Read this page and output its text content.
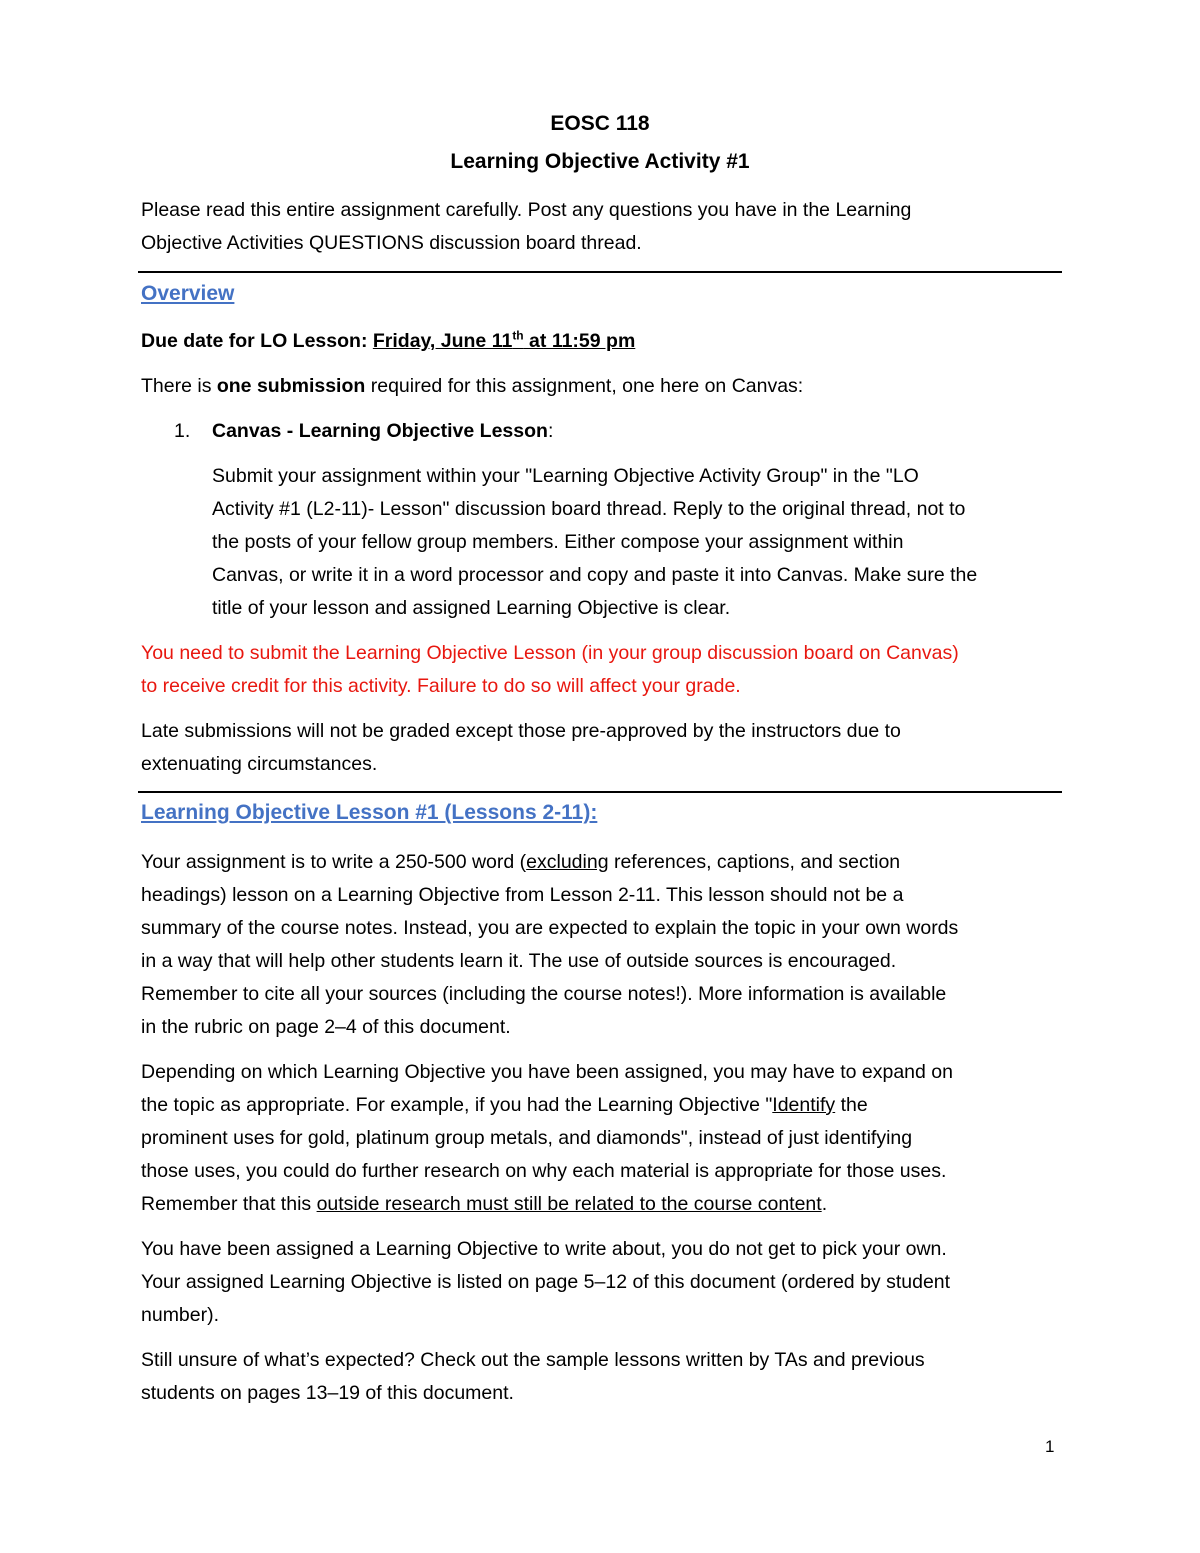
EOSC 118
Learning Objective Activity #1
Please read this entire assignment carefully. Post any questions you have in the Learning
Objective Activities QUESTIONS discussion board thread.
Overview
Due date for LO Lesson: Friday, June 11th at 11:59 pm
There is one submission required for this assignment, one here on Canvas:
1. Canvas - Learning Objective Lesson:
Submit your assignment within your "Learning Objective Activity Group" in the "LO
Activity #1 (L2-11)- Lesson" discussion board thread. Reply to the original thread, not to
the posts of your fellow group members. Either compose your assignment within
Canvas, or write it in a word processor and copy and paste it into Canvas. Make sure the
title of your lesson and assigned Learning Objective is clear.
You need to submit the Learning Objective Lesson (in your group discussion board on Canvas)
to receive credit for this activity. Failure to do so will affect your grade.
Late submissions will not be graded except those pre-approved by the instructors due to
extenuating circumstances.
Learning Objective Lesson #1 (Lessons 2-11):
Your assignment is to write a 250-500 word (excluding references, captions, and section
headings) lesson on a Learning Objective from Lesson 2-11. This lesson should not be a
summary of the course notes. Instead, you are expected to explain the topic in your own words
in a way that will help other students learn it. The use of outside sources is encouraged.
Remember to cite all your sources (including the course notes!). More information is available
in the rubric on page 2–4 of this document.
Depending on which Learning Objective you have been assigned, you may have to expand on
the topic as appropriate. For example, if you had the Learning Objective "Identify the
prominent uses for gold, platinum group metals, and diamonds", instead of just identifying
those uses, you could do further research on why each material is appropriate for those uses.
Remember that this outside research must still be related to the course content.
You have been assigned a Learning Objective to write about, you do not get to pick your own.
Your assigned Learning Objective is listed on page 5–12 of this document (ordered by student
number).
Still unsure of what’s expected? Check out the sample lessons written by TAs and previous
students on pages 13–19 of this document.
1
